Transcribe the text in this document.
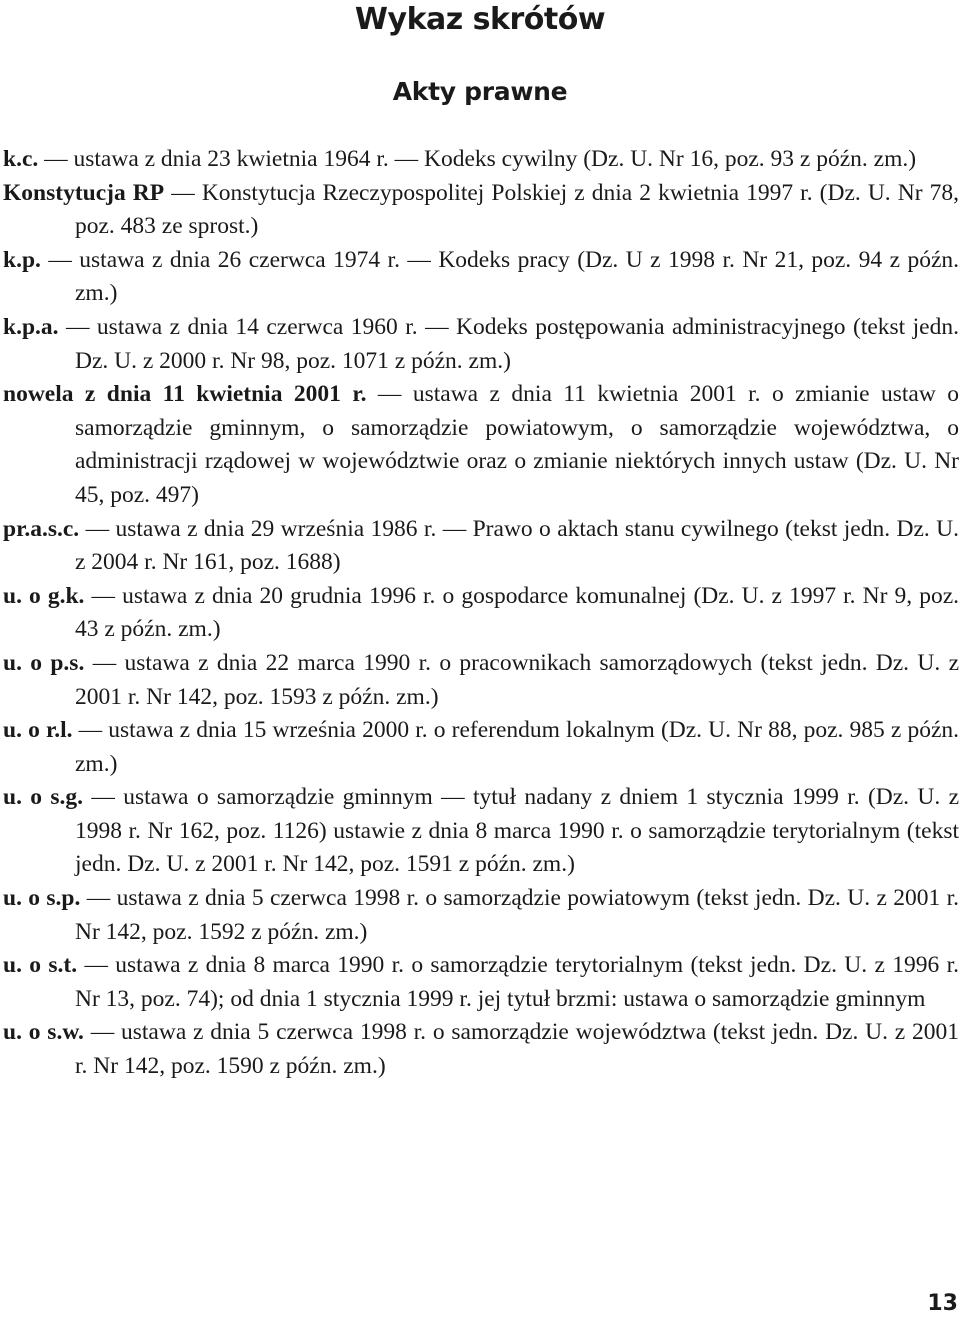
Wykaz skrótów
Akty prawne
k.c. — ustawa z dnia 23 kwietnia 1964 r. — Kodeks cywilny (Dz. U. Nr 16, poz. 93 z późn. zm.)
Konstytucja RP — Konstytucja Rzeczypospolitej Polskiej z dnia 2 kwietnia 1997 r. (Dz. U. Nr 78, poz. 483 ze sprost.)
k.p. — ustawa z dnia 26 czerwca 1974 r. — Kodeks pracy (Dz. U z 1998 r. Nr 21, poz. 94 z późn. zm.)
k.p.a. — ustawa z dnia 14 czerwca 1960 r. — Kodeks postępowania administracyjnego (tekst jedn. Dz. U. z 2000 r. Nr 98, poz. 1071 z późn. zm.)
nowela z dnia 11 kwietnia 2001 r. — ustawa z dnia 11 kwietnia 2001 r. o zmianie ustaw o samorządzie gminnym, o samorządzie powiatowym, o samorządzie województwa, o administracji rządowej w województwie oraz o zmianie niektórych innych ustaw (Dz. U. Nr 45, poz. 497)
pr.a.s.c. — ustawa z dnia 29 września 1986 r. — Prawo o aktach stanu cywilnego (tekst jedn. Dz. U. z 2004 r. Nr 161, poz. 1688)
u. o g.k. — ustawa z dnia 20 grudnia 1996 r. o gospodarce komunalnej (Dz. U. z 1997 r. Nr 9, poz. 43 z późn. zm.)
u. o p.s. — ustawa z dnia 22 marca 1990 r. o pracownikach samorządowych (tekst jedn. Dz. U. z 2001 r. Nr 142, poz. 1593 z późn. zm.)
u. o r.l. — ustawa z dnia 15 września 2000 r. o referendum lokalnym (Dz. U. Nr 88, poz. 985 z późn. zm.)
u. o s.g. — ustawa o samorządzie gminnym — tytuł nadany z dniem 1 stycznia 1999 r. (Dz. U. z 1998 r. Nr 162, poz. 1126) ustawie z dnia 8 marca 1990 r. o samorządzie terytorialnym (tekst jedn. Dz. U. z 2001 r. Nr 142, poz. 1591 z późn. zm.)
u. o s.p. — ustawa z dnia 5 czerwca 1998 r. o samorządzie powiatowym (tekst jedn. Dz. U. z 2001 r. Nr 142, poz. 1592 z późn. zm.)
u. o s.t. — ustawa z dnia 8 marca 1990 r. o samorządzie terytorialnym (tekst jedn. Dz. U. z 1996 r. Nr 13, poz. 74); od dnia 1 stycznia 1999 r. jej tytuł brzmi: ustawa o samorządzie gminnym
u. o s.w. — ustawa z dnia 5 czerwca 1998 r. o samorządzie województwa (tekst jedn. Dz. U. z 2001 r. Nr 142, poz. 1590 z późn. zm.)
13
